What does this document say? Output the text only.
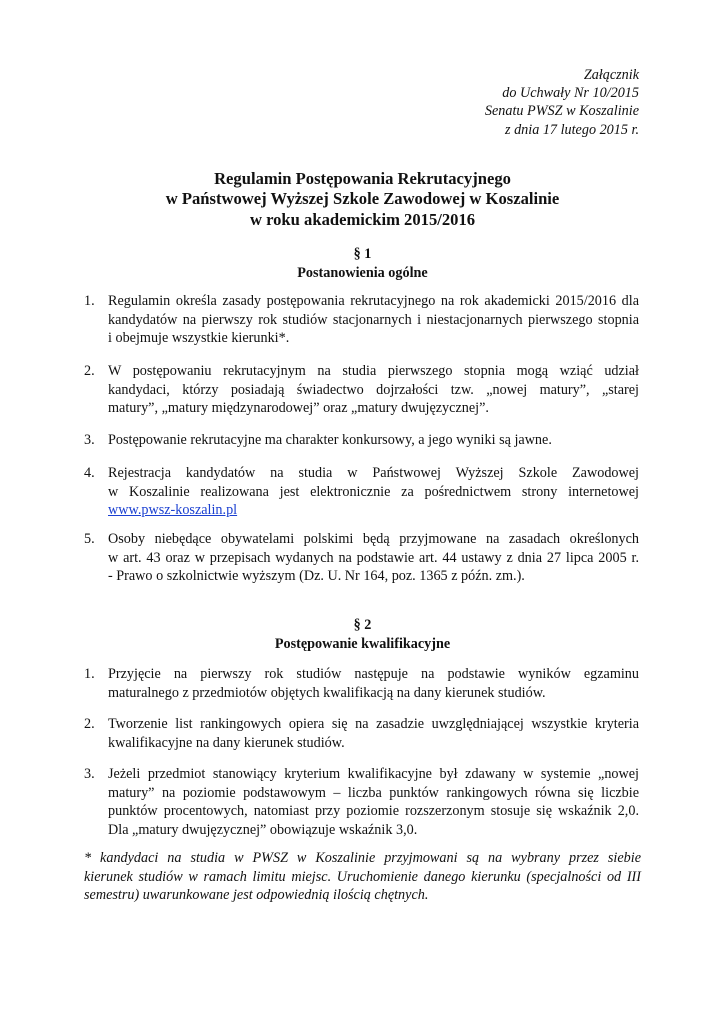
Załącznik
do Uchwały Nr 10/2015
Senatu PWSZ w Koszalinie
z dnia 17 lutego 2015 r.
Regulamin Postępowania Rekrutacyjnego
w Państwowej Wyższej Szkole Zawodowej w Koszalinie
w roku akademickim 2015/2016
§ 1
Postanowienia ogólne
1. Regulamin określa zasady postępowania rekrutacyjnego na rok akademicki 2015/2016 dla
kandydatów na pierwszy rok studiów stacjonarnych i niestacjonarnych pierwszego stopnia
i obejmuje wszystkie kierunki*.
2. W postępowaniu rekrutacyjnym na studia pierwszego stopnia mogą wziąć udział
kandydaci, którzy posiadają świadectwo dojrzałości tzw. „nowej matury”, „starej
matury”, „matury międzynarodowej” oraz „matury dwujęzycznej”.
3. Postępowanie rekrutacyjne ma charakter konkursowy, a jego wyniki są jawne.
4. Rejestracja kandydatów na studia w Państwowej Wyższej Szkole Zawodowej
w Koszalinie realizowana jest elektronicznie za pośrednictwem strony internetowej
www.pwsz-koszalin.pl
5. Osoby niebędące obywatelami polskimi będą przyjmowane na zasadach określonych
w art. 43 oraz w przepisach wydanych na podstawie art. 44 ustawy z dnia 27 lipca 2005 r.
- Prawo o szkolnictwie wyższym (Dz. U. Nr 164, poz. 1365 z późn. zm.).
§ 2
Postępowanie kwalifikacyjne
1. Przyjęcie na pierwszy rok studiów następuje na podstawie wyników egzaminu
maturalnego z przedmiotów objętych kwalifikacją na dany kierunek studiów.
2. Tworzenie list rankingowych opiera się na zasadzie uwzględniającej wszystkie kryteria
kwalifikacyjne na dany kierunek studiów.
3. Jeżeli przedmiot stanowiący kryterium kwalifikacyjne był zdawany w systemie „nowej
matury” na poziomie podstawowym – liczba punktów rankingowych równa się liczbie
punktów procentowych, natomiast przy poziomie rozszerzonym stosuje się wskaźnik 2,0.
Dla „matury dwujęzycznej” obowiązuje wskaźnik 3,0.
* kandydaci na studia w PWSZ w Koszalinie przyjmowani są na wybrany przez siebie
kierunek studiów w ramach limitu miejsc. Uruchomienie danego kierunku (specjalności od III
semestru) uwarunkowane jest odpowiednią ilością chętnych.
